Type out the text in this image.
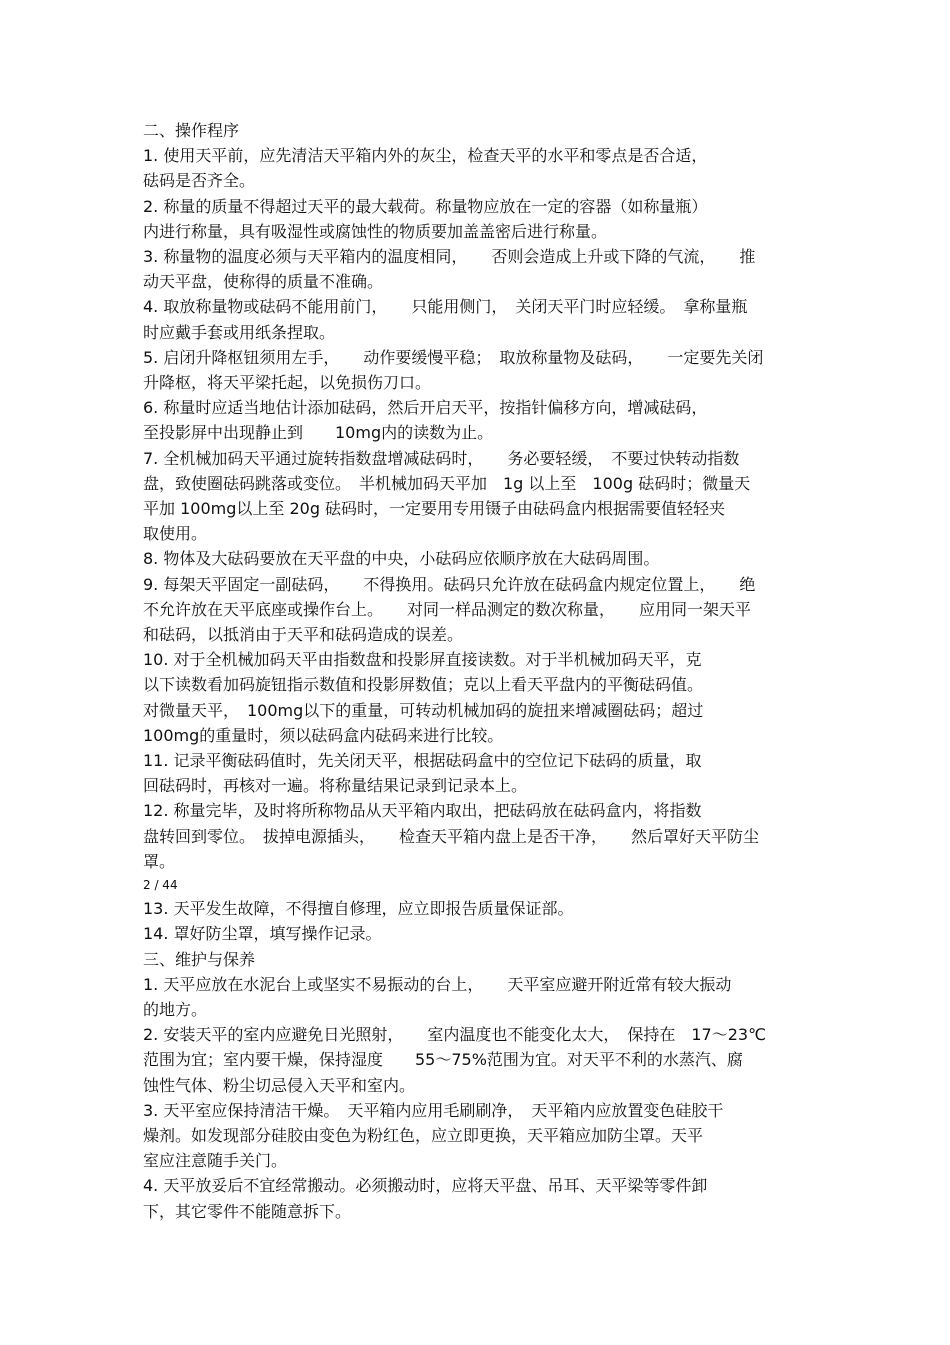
二、操作程序

1. 使用天平前，应先清洁天平箱内外的灰尘，检查天平的水平和零点是否合适，

砝码是否齐全。

2. 称量的质量不得超过天平的最大载荷。称量物应放在一定的容器（如称量瓶）

内进行称量，具有吸湿性或腐蚀性的物质要加盖盖密后进行称量。

3. 称量物的温度必须与天平箱内的温度相同，　　否则会造成上升或下降的气流，　　推

动天平盘，使称得的质量不准确。

4. 取放称量物或砝码不能用前门，　　只能用侧门，　关闭天平门时应轻缓。　拿称量瓶

时应戴手套或用纸条捏取。

5. 启闭升降枢钮须用左手，　　动作要缓慢平稳；　取放称量物及砝码，　　一定要先关闭

升降枢，将天平梁托起，以免损伤刀口。

6. 称量时应适当地估计添加砝码，然后开启天平，按指针偏移方向，增减砝码，

至投影屏中出现静止到　　10mg内的读数为止。

7. 全机械加码天平通过旋转指数盘增减砝码时，　　务必要轻缓，　不要过快转动指数

盘，致使圈砝码跳落或变位。　半机械加码天平加　1g 以上至　100g 砝码时；微量天

平加 100mg以上至 20g 砝码时，一定要用专用镊子由砝码盒内根据需要值轻轻夹

取使用。

8. 物体及大砝码要放在天平盘的中央，小砝码应依顺序放在大砝码周围。

9. 每架天平固定一副砝码，　　不得换用。砝码只允许放在砝码盒内规定位置上，　　绝

不允许放在天平底座或操作台上。　　对同一样品测定的数次称量，　　应用同一架天平

和砝码，以抵消由于天平和砝码造成的误差。

10. 对于全机械加码天平由指数盘和投影屏直接读数。对于半机械加码天平，克

以下读数看加码旋钮指示数值和投影屏数值；克以上看天平盘内的平衡砝码值。

对微量天平，　100mg以下的重量，可转动机械加码的旋扭来增减圈砝码；超过

100mg的重量时，须以砝码盒内砝码来进行比较。

11. 记录平衡砝码值时，先关闭天平，根据砝码盒中的空位记下砝码的质量，取

回砝码时，再核对一遍。将称量结果记录到记录本上。

12. 称量完毕，及时将所称物品从天平箱内取出，把砝码放在砝码盒内，将指数

盘转回到零位。　拔掉电源插头，　　检查天平箱内盘上是否干净，　　然后罩好天平防尘

罩。

2 / 44

13. 天平发生故障，不得擅自修理，应立即报告质量保证部。

14. 罩好防尘罩，填写操作记录。

三、维护与保养

1. 天平应放在水泥台上或坚实不易振动的台上，　　天平室应避开附近常有较大振动

的地方。

2. 安装天平的室内应避免日光照射，　　室内温度也不能变化太大，　保持在　17～23℃

范围为宜；室内要干燥，保持湿度　　55～75%范围为宜。对天平不利的水蒸汽、腐

蚀性气体、粉尘切忌侵入天平和室内。

3. 天平室应保持清洁干燥。　天平箱内应用毛刷刷净，　天平箱内应放置变色硅胶干

燥剂。如发现部分硅胶由变色为粉红色，应立即更换，天平箱应加防尘罩。天平

室应注意随手关门。

4. 天平放妥后不宜经常搬动。必须搬动时，应将天平盘、吊耳、天平梁等零件卸

下，其它零件不能随意拆下。
